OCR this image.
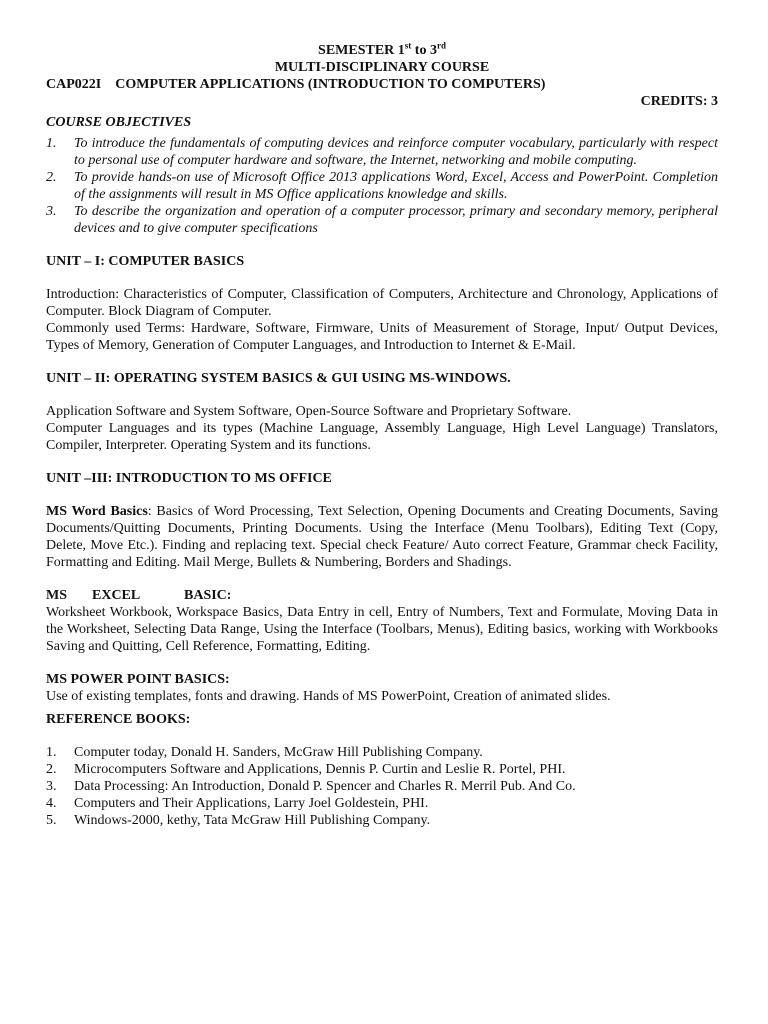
SEMESTER 1st to 3rd
MULTI-DISCIPLINARY COURSE
CAP022I COMPUTER APPLICATIONS (INTRODUCTION TO COMPUTERS)
CREDITS: 3
COURSE OBJECTIVES
1. To introduce the fundamentals of computing devices and reinforce computer vocabulary, particularly with respect to personal use of computer hardware and software, the Internet, networking and mobile computing.
2. To provide hands-on use of Microsoft Office 2013 applications Word, Excel, Access and PowerPoint. Completion of the assignments will result in MS Office applications knowledge and skills.
3. To describe the organization and operation of a computer processor, primary and secondary memory, peripheral devices and to give computer specifications
UNIT – I: COMPUTER BASICS
Introduction: Characteristics of Computer, Classification of Computers, Architecture and Chronology, Applications of Computer. Block Diagram of Computer.
Commonly used Terms: Hardware, Software, Firmware, Units of Measurement of Storage, Input/ Output Devices, Types of Memory, Generation of Computer Languages, and Introduction to Internet & E-Mail.
UNIT – II: OPERATING SYSTEM BASICS & GUI USING MS-WINDOWS.
Application Software and System Software, Open-Source Software and Proprietary Software.
Computer Languages and its types (Machine Language, Assembly Language, High Level Language) Translators, Compiler, Interpreter. Operating System and its functions.
UNIT –III: INTRODUCTION TO MS OFFICE
MS Word Basics: Basics of Word Processing, Text Selection, Opening Documents and Creating Documents, Saving Documents/Quitting Documents, Printing Documents. Using the Interface (Menu Toolbars), Editing Text (Copy, Delete, Move Etc.). Finding and replacing text. Special check Feature/ Auto correct Feature, Grammar check Facility, Formatting and Editing. Mail Merge, Bullets & Numbering, Borders and Shadings.
MS EXCEL	BASIC:
Worksheet Workbook, Workspace Basics, Data Entry in cell, Entry of Numbers, Text and Formulate, Moving Data in the Worksheet, Selecting Data Range, Using the Interface (Toolbars, Menus), Editing basics, working with Workbooks Saving and Quitting, Cell Reference, Formatting, Editing.
MS POWER POINT BASICS:
Use of existing templates, fonts and drawing. Hands of MS PowerPoint, Creation of animated slides.
REFERENCE BOOKS:
1. Computer today, Donald H. Sanders, McGraw Hill Publishing Company.
2. Microcomputers Software and Applications, Dennis P. Curtin and Leslie R. Portel, PHI.
3. Data Processing: An Introduction, Donald P. Spencer and Charles R. Merril Pub. And Co.
4. Computers and Their Applications, Larry Joel Goldestein, PHI.
5. Windows-2000, kethy, Tata McGraw Hill Publishing Company.
